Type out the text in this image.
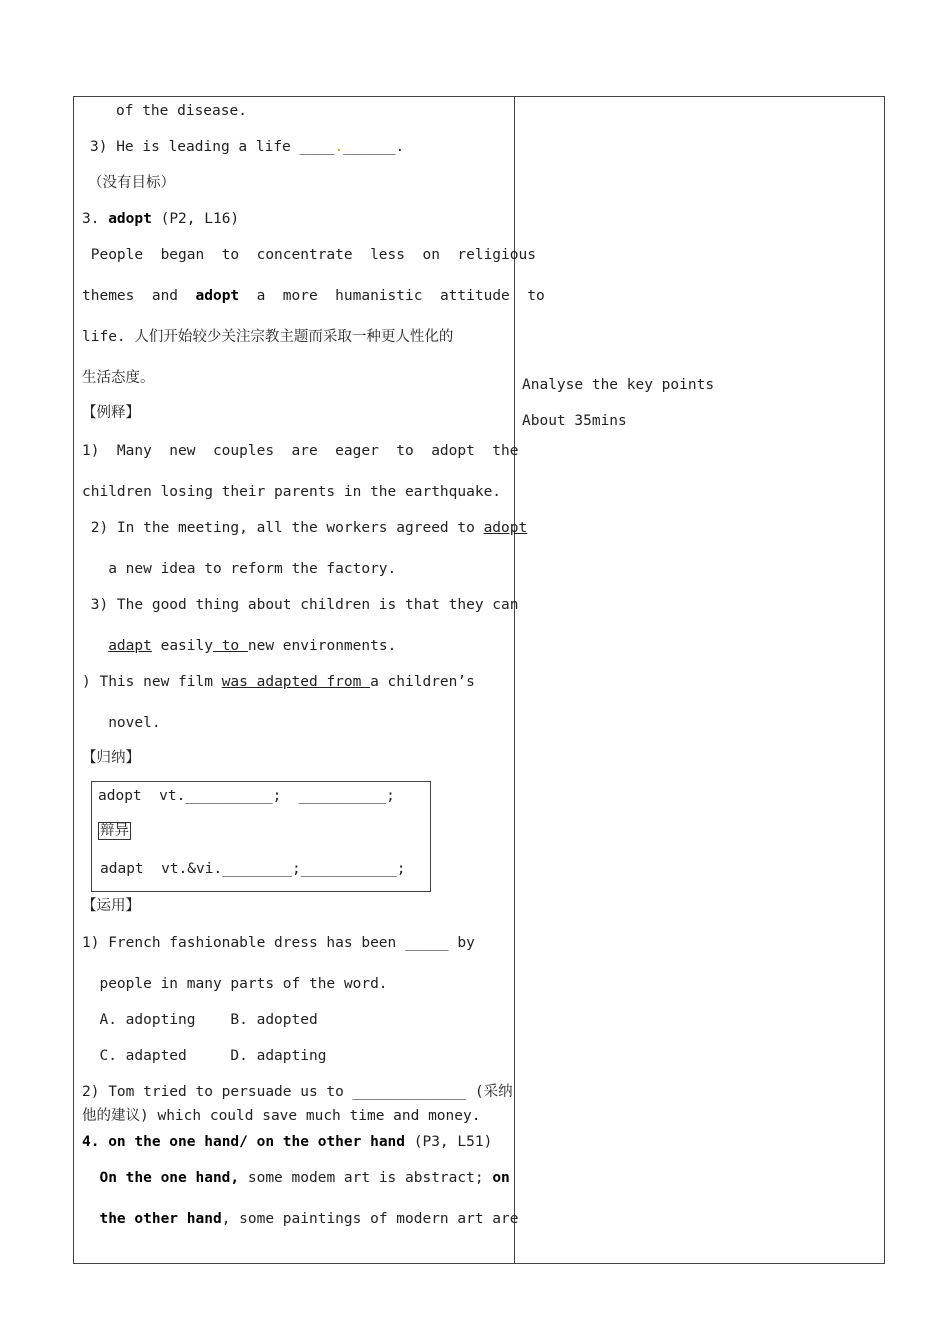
of the disease.
3) He is leading a life ____.______.
（没有目标）
3. adopt (P2, L16)
People  began  to  concentrate  less  on  religious
themes  and  adopt  a  more  humanistic  attitude  to
life. 人们开始较少关注宗教主题而采取一种更人性化的
生活态度。
【例释】
1)  Many  new  couples  are  eager  to  adopt  the
children losing their parents in the earthquake.
2) In the meeting, all the workers agreed to adopt
a new idea to reform the factory.
3) The good thing about children is that they can
adapt easily to new environments.
) This new film was adapted from a children’s
novel.
【归纳】
adopt  vt.__________;  __________;
辩异
adapt  vt.&vi.________;___________;
【运用】
1) French fashionable dress has been _____ by
people in many parts of the word.
A. adopting    B. adopted
C. adapted     D. adapting
2) Tom tried to persuade us to _____________ (采纳
他的建议) which could save much time and money.
4. on the one hand/ on the other hand (P3, L51)
On the one hand, some modem art is abstract; on
the other hand, some paintings of modern art are
Analyse the key points
About 35mins
